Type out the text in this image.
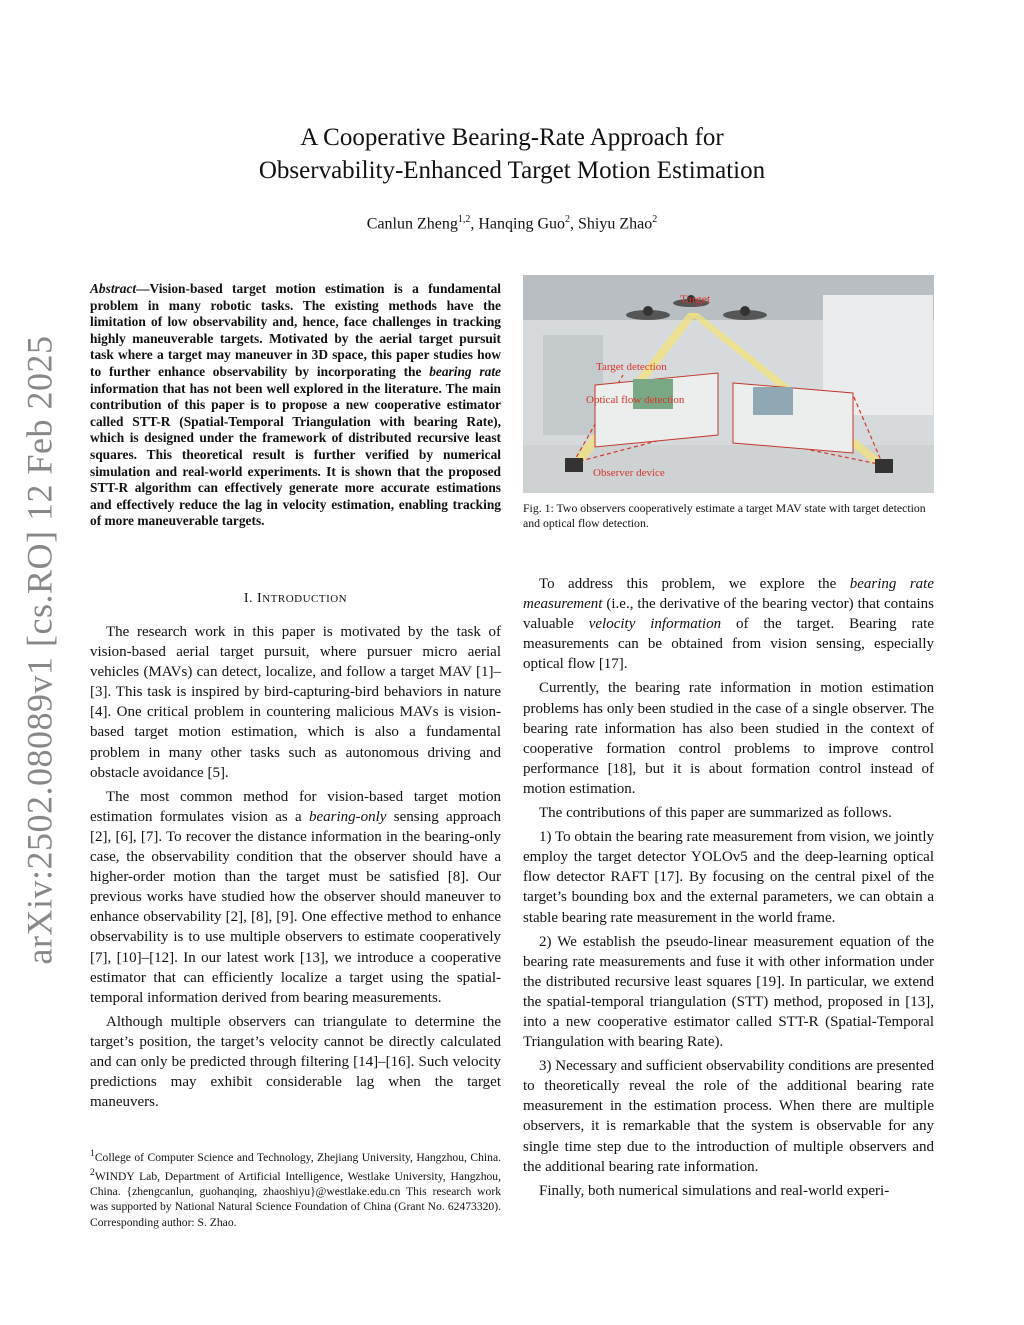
arXiv:2502.08089v1 [cs.RO] 12 Feb 2025
A Cooperative Bearing-Rate Approach for
Observability-Enhanced Target Motion Estimation
Canlun Zheng$^{1,2}$, Hanqing Guo$^2$, Shiyu Zhao$^2$
Abstract—Vision-based target motion estimation is a fundamental problem in many robotic tasks. The existing methods have the limitation of low observability and, hence, face challenges in tracking highly maneuverable targets. Motivated by the aerial target pursuit task where a target may maneuver in 3D space, this paper studies how to further enhance observability by incorporating the bearing rate information that has not been well explored in the literature. The main contribution of this paper is to propose a new cooperative estimator called STT-R (Spatial-Temporal Triangulation with bearing Rate), which is designed under the framework of distributed recursive least squares. This theoretical result is further verified by numerical simulation and real-world experiments. It is shown that the proposed STT-R algorithm can effectively generate more accurate estimations and effectively reduce the lag in velocity estimation, enabling tracking of more maneuverable targets.
I. INTRODUCTION

The research work in this paper is motivated by the task of vision-based aerial target pursuit, where pursuer micro aerial vehicles (MAVs) can detect, localize, and follow a target MAV [1]–[3]. This task is inspired by bird-capturing-bird behaviors in nature [4]. One critical problem in countering malicious MAVs is vision-based target motion estimation, which is also a fundamental problem in many other tasks such as autonomous driving and obstacle avoidance [5].

The most common method for vision-based target motion estimation formulates vision as a bearing-only sensing approach [2], [6], [7]. To recover the distance information in the bearing-only case, the observability condition that the observer should have a higher-order motion than the target must be satisfied [8]. Our previous works have studied how the observer should maneuver to enhance observability [2], [8], [9]. One effective method to enhance observability is to use multiple observers to estimate cooperatively [7], [10]–[12]. In our latest work [13], we introduce a cooperative estimator that can efficiently localize a target using the spatial-temporal information derived from bearing measurements.

Although multiple observers can triangulate to determine the target’s position, the target’s velocity cannot be directly calculated and can only be predicted through filtering [14]–[16]. Such velocity predictions may exhibit considerable lag when the target maneuvers.

$^1$College of Computer Science and Technology, Zhejiang University, Hangzhou, China. $^2$WINDY Lab, Department of Artificial Intelligence, Westlake University, Hangzhou, China. {zhengcanlun, guohanqing, zhaoshiyu}@westlake.edu.cn This research work was supported by National Natural Science Foundation of China (Grant No. 62473320). Corresponding author: S. Zhao.
Target
Target detection
Optical flow detection
Observer device
Fig. 1: Two observers cooperatively estimate a target MAV state with target detection and optical flow detection.

To address this problem, we explore the bearing rate measurement (i.e., the derivative of the bearing vector) that contains valuable velocity information of the target. Bearing rate measurements can be obtained from vision sensing, especially optical flow [17].

Currently, the bearing rate information in motion estimation problems has only been studied in the case of a single observer. The bearing rate information has also been studied in the context of cooperative formation control problems to improve control performance [18], but it is about formation control instead of motion estimation.

The contributions of this paper are summarized as follows.

1) To obtain the bearing rate measurement from vision, we jointly employ the target detector YOLOv5 and the deep-learning optical flow detector RAFT [17]. By focusing on the central pixel of the target’s bounding box and the external parameters, we can obtain a stable bearing rate measurement in the world frame.

2) We establish the pseudo-linear measurement equation of the bearing rate measurements and fuse it with other information under the distributed recursive least squares [19]. In particular, we extend the spatial-temporal triangulation (STT) method, proposed in [13], into a new cooperative estimator called STT-R (Spatial-Temporal Triangulation with bearing Rate).

3) Necessary and sufficient observability conditions are presented to theoretically reveal the role of the additional bearing rate measurement in the estimation process. When there are multiple observers, it is remarkable that the system is observable for any single time step due to the introduction of multiple observers and the additional bearing rate information.

Finally, both numerical simulations and real-world experi-
